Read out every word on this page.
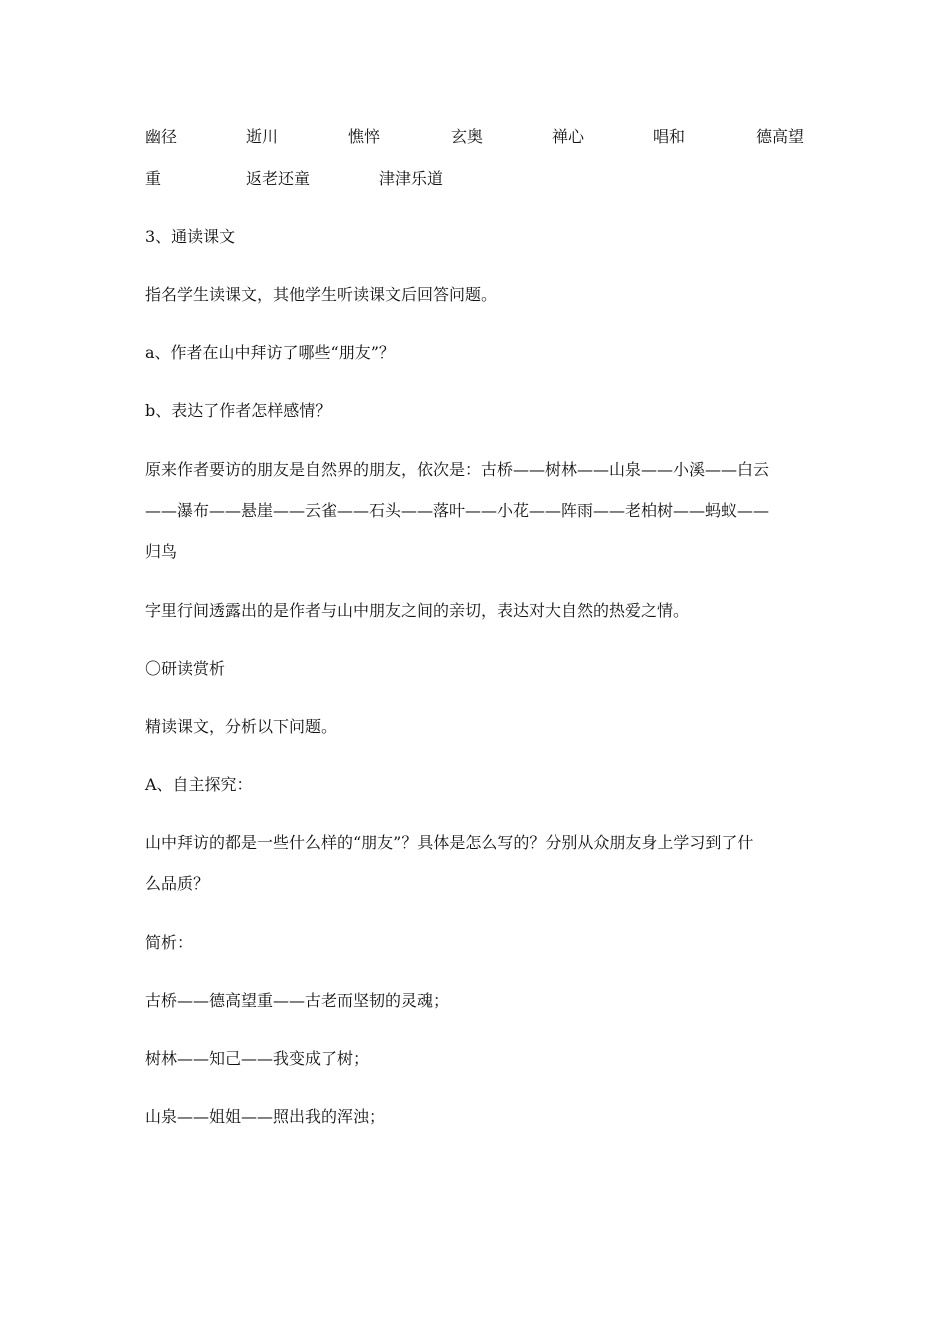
幽径	逝川	憔悴	玄奥	禅心	唱和	德高望
重	返老还童	津津乐道
3、通读课文
指名学生读课文，其他学生听读课文后回答问题。
a、作者在山中拜访了哪些“朋友”？
b、表达了作者怎样感情？
原来作者要访的朋友是自然界的朋友，依次是：古桥——树林——山泉——小溪——白云
——瀑布——悬崖——云雀——石头——落叶——小花——阵雨——老柏树——蚂蚁——
归鸟
字里行间透露出的是作者与山中朋友之间的亲切，表达对大自然的热爱之情。
〇研读赏析
精读课文，分析以下问题。
A、自主探究：
山中拜访的都是一些什么样的“朋友”？具体是怎么写的？分别从众朋友身上学习到了什
么品质？
简析：
古桥——德高望重——古老而坚韧的灵魂；
树林——知己——我变成了树；
山泉——姐姐——照出我的浑浊；
